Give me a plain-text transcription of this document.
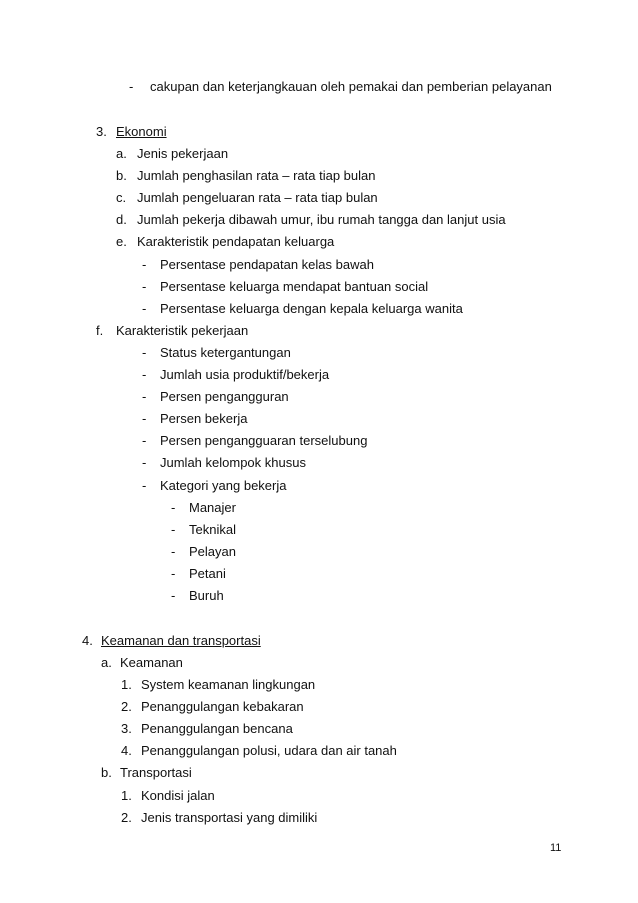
- cakupan dan keterjangkauan oleh pemakai dan pemberian pelayanan
3. Ekonomi
a. Jenis pekerjaan
b. Jumlah penghasilan rata – rata tiap bulan
c. Jumlah pengeluaran rata – rata tiap bulan
d. Jumlah pekerja dibawah umur, ibu rumah tangga dan lanjut usia
e. Karakteristik pendapatan keluarga
- Persentase pendapatan kelas bawah
- Persentase keluarga mendapat bantuan social
- Persentase keluarga dengan kepala keluarga wanita
f. Karakteristik pekerjaan
- Status ketergantungan
- Jumlah usia produktif/bekerja
- Persen pengangguran
- Persen bekerja
- Persen pengangguaran terselubung
- Jumlah kelompok khusus
- Kategori yang bekerja
- Manajer
- Teknikal
- Pelayan
- Petani
- Buruh
4. Keamanan dan transportasi
a. Keamanan
1. System keamanan lingkungan
2. Penanggulangan kebakaran
3. Penanggulangan bencana
4. Penanggulangan polusi, udara dan air tanah
b. Transportasi
1. Kondisi jalan
2. Jenis transportasi yang dimiliki
11
